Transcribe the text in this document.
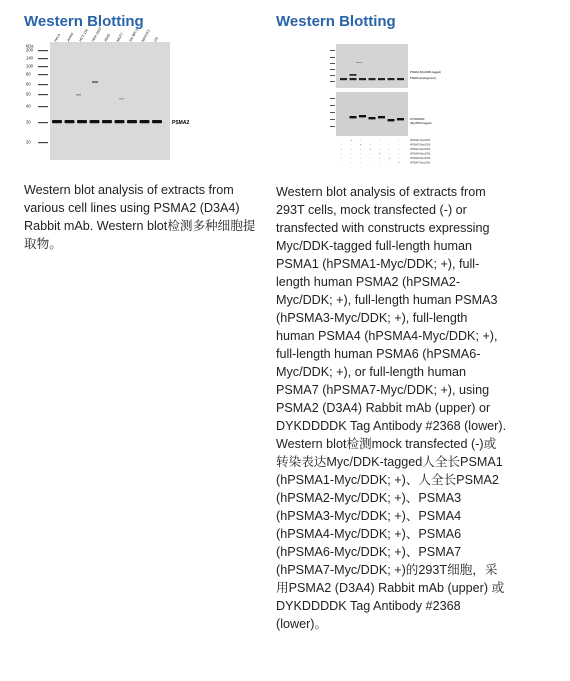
Western Blotting
HeLa Jurkat HCT 116 HEK 293T A549 MCF7 SK-BR-3 NIH/3T3 C6
kDa
200
140
100
80
60
50
40
30
20
PSMA2
Western blot analysis of extracts from various cell lines using PSMA2 (D3A4) Rabbit mAb. Western blot检测多种细胞提取物。
Western Blotting
PSMA2 (Myc/DDK-tagged)
PSMA2 (Endogenous)
DYKDDDDK
(Myc/DDK-tagged)
-	+	-	-	-	-	-	hPSMA1-Myc/DDK
-	-	+	-	-	-	-	hPSMA2-Myc/DDK
-	-	-	+	-	-	-	hPSMA3-Myc/DDK
-	-	-	-	+	-	-	hPSMA4-Myc/DDK
-	-	-	-	-	+	-	hPSMA6-Myc/DDK
-	-	-	-	-	-	+	hPSMA7-Myc/DDK
Western blot analysis of extracts from 293T cells, mock transfected (-) or transfected with constructs expressing Myc/DDK-tagged full-length human PSMA1 (hPSMA1-Myc/DDK; +), full-length human PSMA2 (hPSMA2-Myc/DDK; +), full-length human PSMA3 (hPSMA3-Myc/DDK; +), full-length human PSMA4 (hPSMA4-Myc/DDK; +), full-length human PSMA6 (hPSMA6-Myc/DDK; +), or full-length human PSMA7 (hPSMA7-Myc/DDK; +), using PSMA2 (D3A4) Rabbit mAb (upper) or DYKDDDDK Tag Antibody #2368 (lower). Western blot检测mock transfected (-)或转染表达Myc/DDK-tagged人全长PSMA1 (hPSMA1-Myc/DDK; +)、人全长PSMA2 (hPSMA2-Myc/DDK; +)、PSMA3 (hPSMA3-Myc/DDK; +)、PSMA4 (hPSMA4-Myc/DDK; +)、PSMA6 (hPSMA6-Myc/DDK; +)、PSMA7 (hPSMA7-Myc/DDK; +)的293T细胞，采用PSMA2 (D3A4) Rabbit mAb (upper) 或DYKDDDDK Tag Antibody #2368 (lower)。
